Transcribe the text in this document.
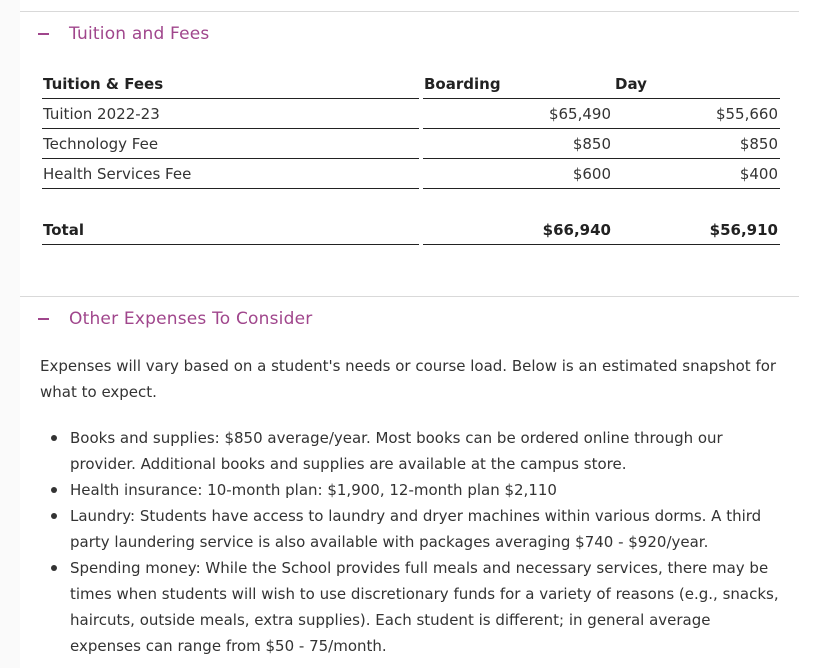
Tuition and Fees
Tuition & Fees	Boarding	Day
Tuition 2022-23	$65,490	$55,660
Technology Fee	$850	$850
Health Services Fee	$600	$400
Total	$66,940	$56,910
Other Expenses To Consider

Expenses will vary based on a student's needs or course load. Below is an estimated snapshot for what to expect.

Books and supplies: $850 average/year. Most books can be ordered online through our provider. Additional books and supplies are available at the campus store.
Health insurance: 10-month plan: $1,900, 12-month plan $2,110
Laundry: Students have access to laundry and dryer machines within various dorms. A third party laundering service is also available with packages averaging $740 - $920/year.
Spending money: While the School provides full meals and necessary services, there may be times when students will wish to use discretionary funds for a variety of reasons (e.g., snacks, haircuts, outside meals, extra supplies). Each student is different; in general average expenses can range from $50 - 75/month.
